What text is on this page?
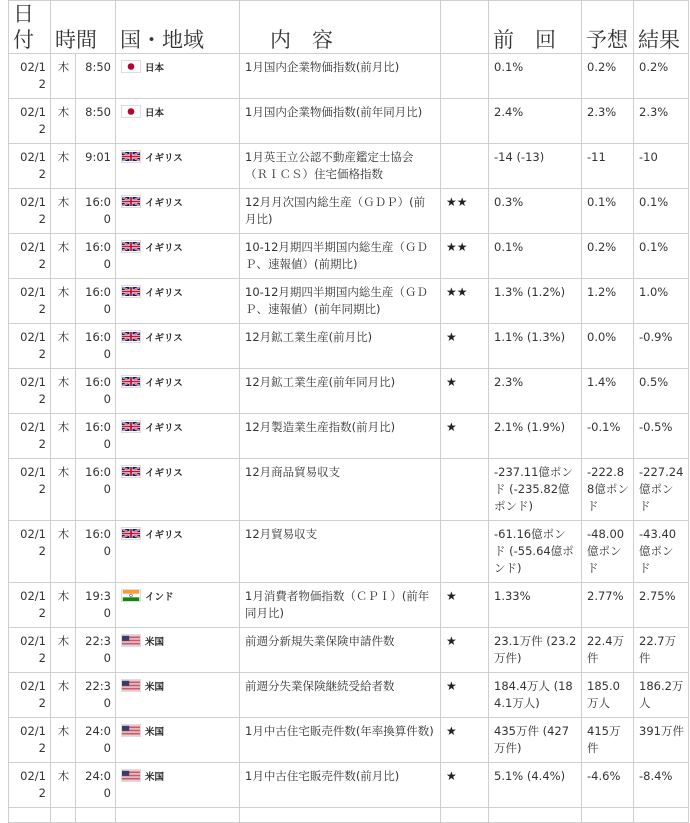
日付	時間		国・地域	内　容		前　回	予想	結果
02/12	木	8:50	日本	1月国内企業物価指数(前月比)		0.1%	0.2%	0.2%
02/12	木	8:50	日本	1月国内企業物価指数(前年同月比)		2.4%	2.3%	2.3%
02/12	木	9:01	イギリス	1月英王立公認不動産鑑定士協会（ＲＩＣＳ）住宅価格指数		-14 (-13)	-11	-10
02/12	木	16:00	イギリス	12月月次国内総生産（ＧＤＰ）(前月比)	★★	0.3%	0.1%	0.1%
02/12	木	16:00	イギリス	10-12月期四半期国内総生産（ＧＤＰ、速報値）(前期比)	★★	0.1%	0.2%	0.1%
02/12	木	16:00	イギリス	10-12月期四半期国内総生産（ＧＤＰ、速報値）(前年同期比)	★★	1.3% (1.2%)	1.2%	1.0%
02/12	木	16:00	イギリス	12月鉱工業生産(前月比)	★	1.1% (1.3%)	0.0%	-0.9%
02/12	木	16:00	イギリス	12月鉱工業生産(前年同月比)	★	2.3%	1.4%	0.5%
02/12	木	16:00	イギリス	12月製造業生産指数(前月比)	★	2.1% (1.9%)	-0.1%	-0.5%
02/12	木	16:00	イギリス	12月商品貿易収支		-237.11億ポンド (-235.82億ポンド)	-222.88億ポンド	-227.24億ポンド
02/12	木	16:00	イギリス	12月貿易収支		-61.16億ポンド (-55.64億ポンド)	-48.00億ポンド	-43.40億ポンド
02/12	木	19:30	インド	1月消費者物価指数（ＣＰＩ）(前年同月比)	★	1.33%	2.77%	2.75%
02/12	木	22:30	米国	前週分新規失業保険申請件数	★	23.1万件 (23.2万件)	22.4万件	22.7万件
02/12	木	22:30	米国	前週分失業保険継続受給者数	★	184.4万人 (184.1万人)	185.0万人	186.2万人
02/12	木	24:00	米国	1月中古住宅販売件数(年率換算件数)	★	435万件 (427万件)	415万件	391万件
02/12	木	24:00	米国	1月中古住宅販売件数(前月比)	★	5.1% (4.4%)	-4.6%	-8.4%
